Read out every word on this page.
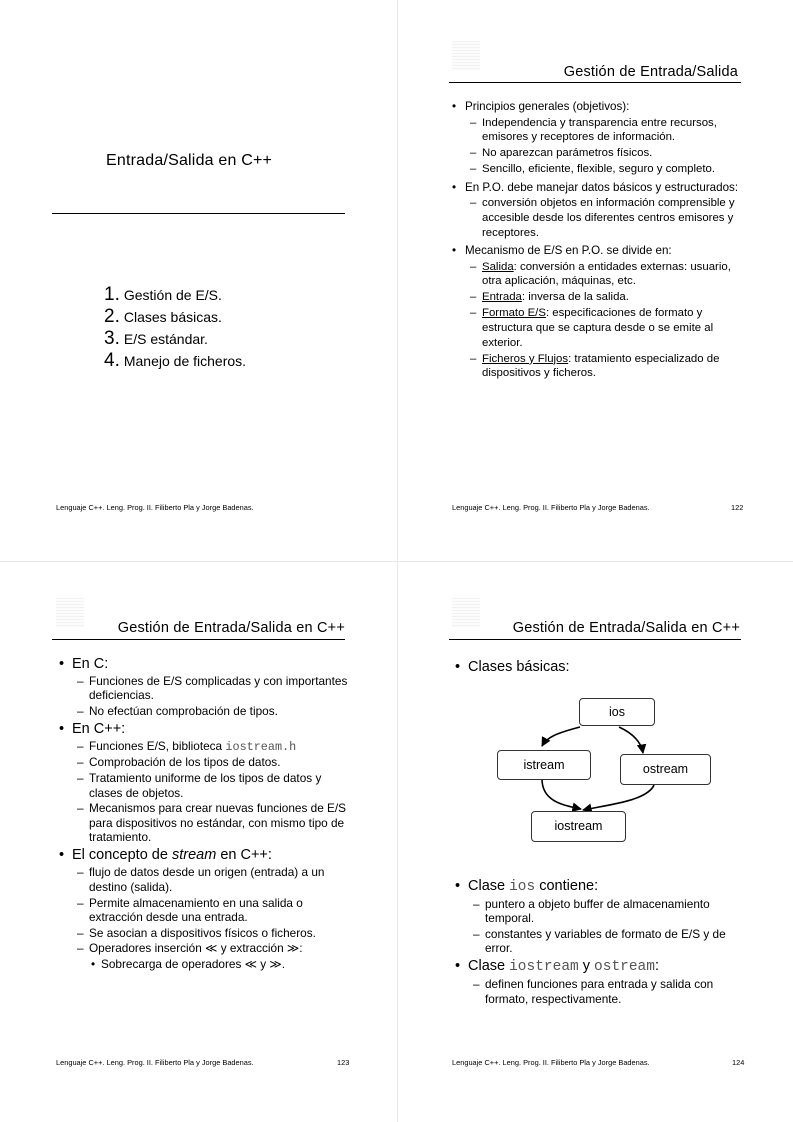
Entrada/Salida en C++
1. Gestión de E/S.
2. Clases básicas.
3. E/S estándar.
4. Manejo de ficheros.
Lenguaje C++. Leng. Prog. II. Filiberto Pla y Jorge Badenas.
Gestión de Entrada/Salida
• Principios generales (objetivos):
– Independencia y transparencia entre recursos, emisores y receptores de información.
– No aparezcan parámetros físicos.
– Sencillo, eficiente, flexible, seguro y completo.
• En P.O. debe manejar datos básicos y estructurados:
– conversión objetos en información comprensible y accesible desde los diferentes centros emisores y receptores.
• Mecanismo de E/S en P.O. se divide en:
– Salida: conversión a entidades externas: usuario, otra aplicación, máquinas, etc.
– Entrada: inversa de la salida.
– Formato E/S: especificaciones de formato y estructura que se captura desde o se emite al exterior.
– Ficheros y Flujos: tratamiento especializado de dispositivos y ficheros.
Lenguaje C++. Leng. Prog. II. Filiberto Pla y Jorge Badenas.	122
Gestión de Entrada/Salida en C++
• En C:
– Funciones de E/S complicadas y con importantes deficiencias.
– No efectúan comprobación de tipos.
• En C++:
– Funciones E/S, biblioteca iostream.h
– Comprobación de los tipos de datos.
– Tratamiento uniforme de los tipos de datos y clases de objetos.
– Mecanismos para crear nuevas funciones de E/S para dispositivos no estándar, con mismo tipo de tratamiento.
• El concepto de stream en C++:
– flujo de datos desde un origen (entrada) a un destino (salida).
– Permite almacenamiento en una salida o extracción desde una entrada.
– Se asocian a dispositivos físicos o ficheros.
– Operadores inserción ≪ y extracción ≫:
• Sobrecarga de operadores ≪ y ≫.
Lenguaje C++. Leng. Prog. II. Filiberto Pla y Jorge Badenas.	123
Gestión de Entrada/Salida en C++
• Clases básicas:
ios
istream	ostream
iostream
• Clase ios contiene:
– puntero a objeto buffer de almacenamiento temporal.
– constantes y variables de formato de E/S y de error.
• Clase iostream y ostream:
– definen funciones para entrada y salida con formato, respectivamente.
Lenguaje C++. Leng. Prog. II. Filiberto Pla y Jorge Badenas.	124
